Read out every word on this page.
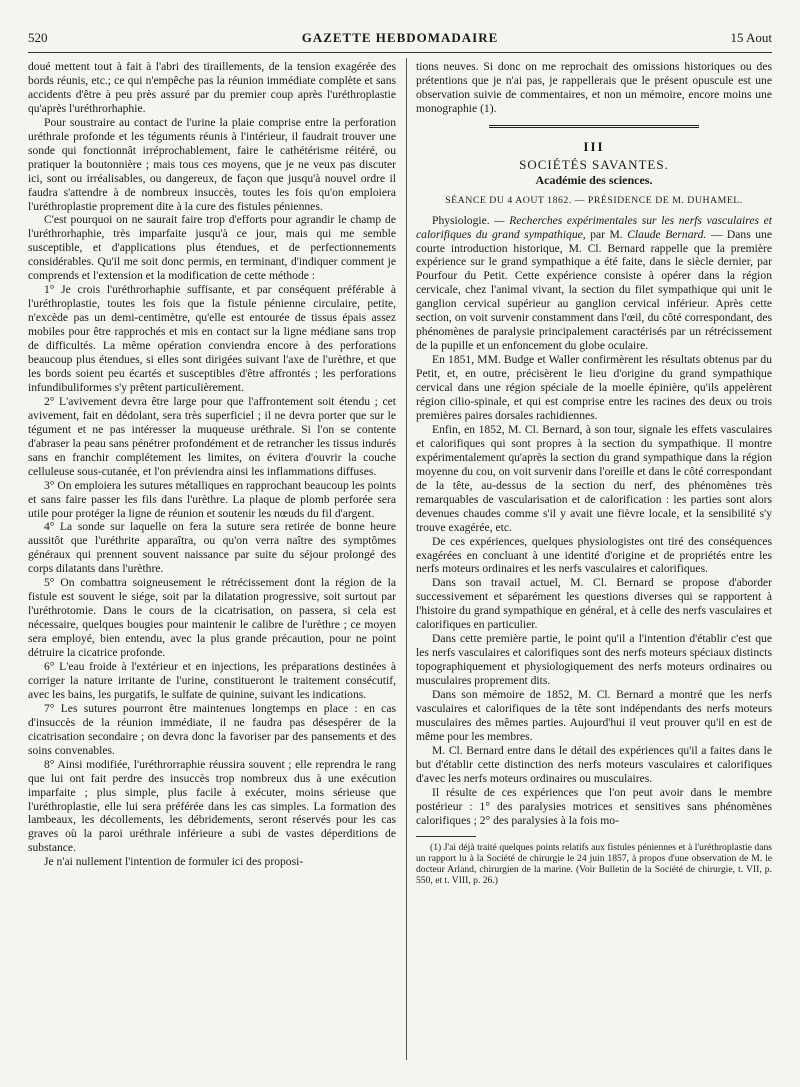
520	GAZETTE HEBDOMADAIRE	15 Aout

doué mettent tout à fait à l'abri des tiraillements, de la tension exagérée des bords réunis, etc.; ce qui n'empêche pas la réunion immédiate complète et sans accidents d'être à peu près assuré par du premier coup après l'uréthroplastie qu'après l'uréthrorhaphie.

Pour soustraire au contact de l'urine la plaie comprise entre la perforation uréthrale profonde et les téguments réunis à l'intérieur, il faudrait trouver une sonde qui fonctionnât irréprochablement, faire le cathétérisme réitéré, ou pratiquer la boutonnière ; mais tous ces moyens, que je ne veux pas discuter ici, sont ou irréalisables, ou dangereux, de façon que jusqu'à nouvel ordre il faudra s'attendre à de nombreux insuccès, toutes les fois qu'on emploiera l'uréthroplastie proprement dite à la cure des fistules péniennes.

C'est pourquoi on ne saurait faire trop d'efforts pour agrandir le champ de l'uréthrorhaphie, très imparfaite jusqu'à ce jour, mais qui me semble susceptible, et d'applications plus étendues, et de perfectionnements considérables. Qu'il me soit donc permis, en terminant, d'indiquer comment je comprends et l'extension et la modification de cette méthode :

1° Je crois l'uréthrorhaphie suffisante, et par conséquent préférable à l'uréthroplastie, toutes les fois que la fistule pénienne circulaire, petite, n'excède pas un demi-centimètre, qu'elle est entourée de tissus épais assez mobiles pour être rapprochés et mis en contact sur la ligne médiane sans trop de difficultés. La même opération conviendra encore à des perforations beaucoup plus étendues, si elles sont dirigées suivant l'axe de l'urèthre, et que les bords soient peu écartés et susceptibles d'être affrontés ; les perforations infundibuliformes s'y prêtent particulièrement.

2° L'avivement devra être large pour que l'affrontement soit étendu ; cet avivement, fait en dédolant, sera très superficiel ; il ne devra porter que sur le tégument et ne pas intéresser la muqueuse uréthrale. Si l'on se contente d'abraser la peau sans pénétrer profondément et de retrancher les tissus indurés sans en franchir complétement les limites, on évitera d'ouvrir la couche celluleuse sous-cutanée, et l'on préviendra ainsi les inflammations diffuses.

3° On emploiera les sutures métalliques en rapprochant beaucoup les points et sans faire passer les fils dans l'urèthre. La plaque de plomb perforée sera utile pour protéger la ligne de réunion et soutenir les nœuds du fil d'argent.

4° La sonde sur laquelle on fera la suture sera retirée de bonne heure aussitôt que l'uréthrite apparaîtra, ou qu'on verra naître des symptômes généraux qui prennent souvent naissance par suite du séjour prolongé des corps dilatants dans l'urèthre.

5° On combattra soigneusement le rétrécissement dont la région de la fistule est souvent le siége, soit par la dilatation progressive, soit surtout par l'uréthrotomie. Dans le cours de la cicatrisation, on passera, si cela est nécessaire, quelques bougies pour maintenir le calibre de l'urèthre ; ce moyen sera employé, bien entendu, avec la plus grande précaution, pour ne point détruire la cicatrice profonde.

6° L'eau froide à l'extérieur et en injections, les préparations destinées à corriger la nature irritante de l'urine, constitueront le traitement consécutif, avec les bains, les purgatifs, le sulfate de quinine, suivant les indications.

7° Les sutures pourront être maintenues longtemps en place : en cas d'insuccès de la réunion immédiate, il ne faudra pas désespérer de la cicatrisation secondaire ; on devra donc la favoriser par des pansements et des soins convenables.

8° Ainsi modifiée, l'uréthrorraphie réussira souvent ; elle reprendra le rang que lui ont fait perdre des insuccès trop nombreux dus à une exécution imparfaite ; plus simple, plus facile à exécuter, moins sérieuse que l'uréthroplastie, elle lui sera préférée dans les cas simples. La formation des lambeaux, les décollements, les débridements, seront réservés pour les cas graves où la paroi uréthrale inférieure a subi de vastes déperditions de substance.

Je n'ai nullement l'intention de formuler ici des proposi-

tions neuves. Si donc on me reprochait des omissions historiques ou des prétentions que je n'ai pas, je rappellerais que le présent opuscule est une observation suivie de commentaires, et non un mémoire, encore moins une monographie (1).

III
SOCIÉTÉS SAVANTES.
Académie des sciences.
SÉANCE DU 4 AOUT 1862. — PRÉSIDENCE DE M. DUHAMEL.

Physiologie. — Recherches expérimentales sur les nerfs vasculaires et calorifiques du grand sympathique, par M. Claude Bernard. — Dans une courte introduction historique, M. Cl. Bernard rappelle que la première expérience sur le grand sympathique a été faite, dans le siècle dernier, par Pourfour du Petit. Cette expérience consiste à opérer dans la région cervicale, chez l'animal vivant, la section du filet sympathique qui unit le ganglion cervical supérieur au ganglion cervical inférieur. Après cette section, on voit survenir constamment dans l'œil, du côté correspondant, des phénomènes de paralysie principalement caractérisés par un rétrécissement de la pupille et un enfoncement du globe oculaire.

En 1851, MM. Budge et Waller confirmèrent les résultats obtenus par du Petit, et, en outre, précisèrent le lieu d'origine du grand sympathique cervical dans une région spéciale de la moelle épinière, qu'ils appelèrent région cilio-spinale, et qui est comprise entre les racines des deux ou trois premières paires dorsales rachidiennes.

Enfin, en 1852, M. Cl. Bernard, à son tour, signale les effets vasculaires et calorifiques qui sont propres à la section du sympathique. Il montre expérimentalement qu'après la section du grand sympathique dans la région moyenne du cou, on voit survenir dans l'oreille et dans le côté correspondant de la tête, au-dessus de la section du nerf, des phénomènes très remarquables de vascularisation et de calorification : les parties sont alors devenues chaudes comme s'il y avait une fièvre locale, et la sensibilité s'y trouve exagérée, etc.

De ces expériences, quelques physiologistes ont tiré des conséquences exagérées en concluant à une identité d'origine et de propriétés entre les nerfs moteurs ordinaires et les nerfs vasculaires et calorifiques.

Dans son travail actuel, M. Cl. Bernard se propose d'aborder successivement et séparément les questions diverses qui se rapportent à l'histoire du grand sympathique en général, et à celle des nerfs vasculaires et calorifiques en particulier.

Dans cette première partie, le point qu'il a l'intention d'établir c'est que les nerfs vasculaires et calorifiques sont des nerfs moteurs spéciaux distincts topographiquement et physiologiquement des nerfs moteurs ordinaires ou musculaires proprement dits.

Dans son mémoire de 1852, M. Cl. Bernard a montré que les nerfs vasculaires et calorifiques de la tête sont indépendants des nerfs moteurs musculaires des mêmes parties. Aujourd'hui il veut prouver qu'il en est de même pour les membres.

M. Cl. Bernard entre dans le détail des expériences qu'il a faites dans le but d'établir cette distinction des nerfs moteurs vasculaires et calorifiques d'avec les nerfs moteurs ordinaires ou musculaires.

Il résulte de ces expériences que l'on peut avoir dans le membre postérieur : 1° des paralysies motrices et sensitives sans phénomènes calorifiques ; 2° des paralysies à la fois mo-

(1) J'ai déjà traité quelques points relatifs aux fistules péniennes et à l'uréthroplastie dans un rapport lu à la Société de chirurgie le 24 juin 1857, à propos d'une observation de M. le docteur Arland, chirurgien de la marine. (Voir Bulletin de la Société de chirurgie, t. VII, p. 550, et t. VIII, p. 26.)
